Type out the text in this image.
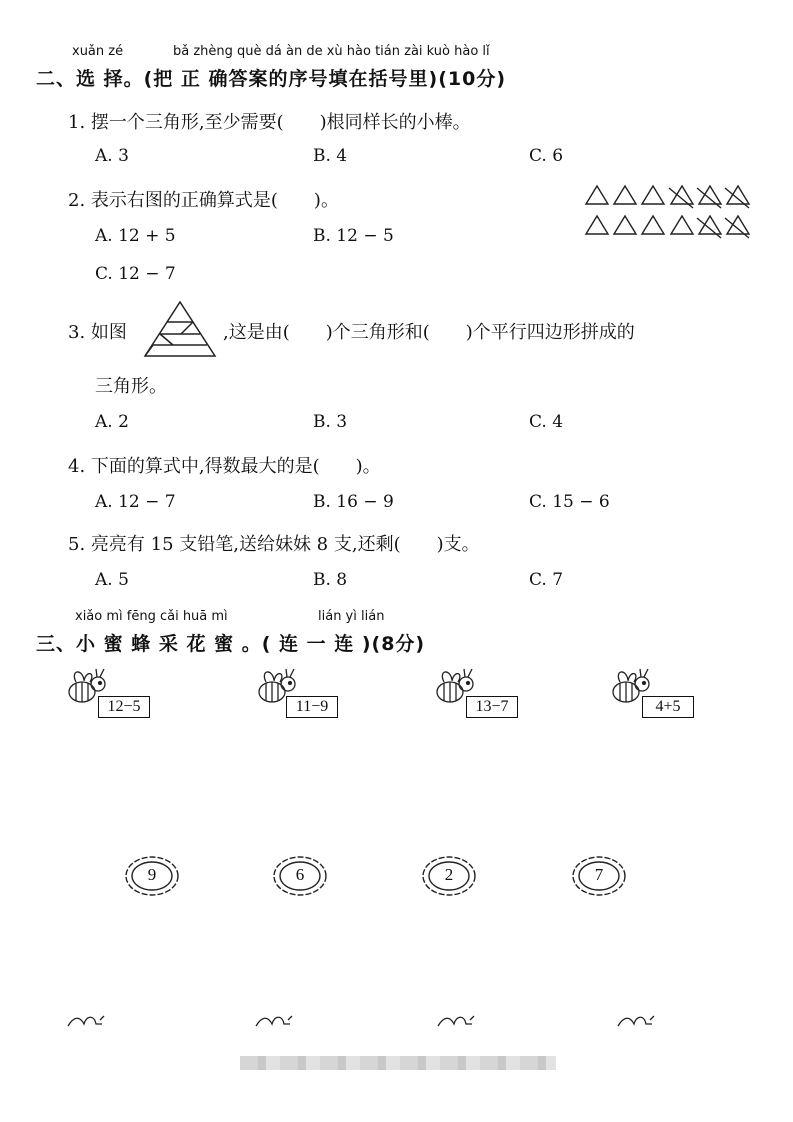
xuǎn zé	bǎ zhèng què dá àn de xù hào tián zài kuò hào lǐ
二、选 择。(把 正 确答案的序号填在括号里)(10分)
1. 摆一个三角形,至少需要(　　)根同样长的小棒。
A. 3	B. 4	C. 6
2. 表示右图的正确算式是(　　)。
A. 12 + 5	B. 12 − 5
C. 12 − 7
3. 如图	,这是由(　　)个三角形和(　　)个平行四边形拼成的
三角形。
A. 2	B. 3	C. 4
4. 下面的算式中,得数最大的是(　　)。
A. 12 − 7	B. 16 − 9	C. 15 − 6
5. 亮亮有 15 支铅笔,送给妹妹 8 支,还剩(　　)支。
A. 5	B. 8	C. 7
xiǎo mì fēng cǎi huā mì	lián yì lián
三、小 蜜 蜂 采 花 蜜 。( 连 一 连 )(8分)
12−5	11−9	13−7	4+5
9	6	2	7
